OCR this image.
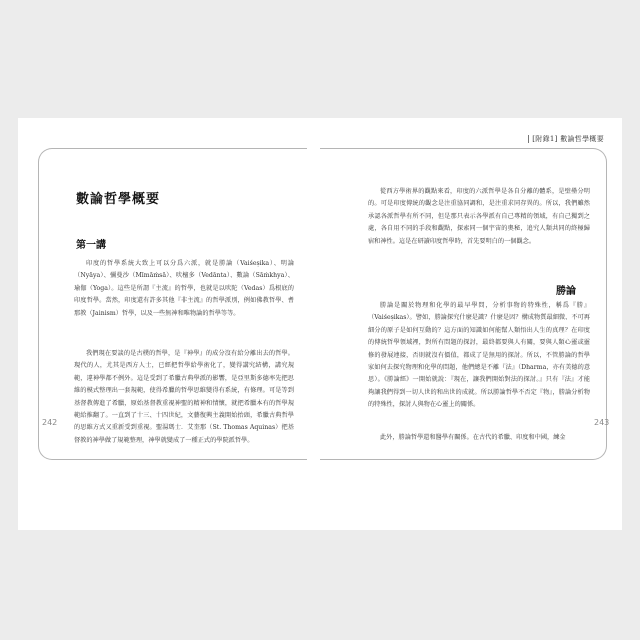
數論哲學概要
第一講

印度的哲學系統大致上可以分爲六派，就是勝論（Vaiśeṣika）、明論（Nyāya）、彌曼沙（Mīmāṁsā）、吠檀多（Vedānta）、數論（Sāṁkhya）、瑜伽（Yoga）。這些是所謂『主流』的哲學，也就是以吠陀（Vedas）爲根底的印度哲學。當然，印度還有許多其他『非主流』的哲學派別，例如佛教哲學、耆那教（Jainism）哲學，以及一些無神和唯物論的哲學等等。

我們現在要談的是古樸的哲學，是『神學』的成分沒有給分離出去的哲學。現代的人，尤其是西方人士，已經把哲學給學術化了，變得講究結構，講究規範，違神學都不例外。這是受到了希臘古典學派的影響，是亞里斯多德率先把思維的模式整理出一套規範，使得希臘的哲學思維變得有系統，有條理。可是等到基督教傳進了希臘，原始基督教重視神聖的精神和情懷，就把希臘本有的哲學規範給推翻了。一直到了十三、十四世紀，文藝復興主義開始抬頭，希臘古典哲學的思維方式又重新受到重視。聖湯瑪士．艾奎那（St. Thomas Aquinas）把基督教的神學做了規範整理，神學就變成了一種正式的學院派哲學。

242
[附錄1] 數論哲學概要

從西方學術界的觀點來看，印度的六派哲學是各自分離的體系，是壁壘分明的。可是印度傳統的觀念是注重協同調和，是注重求同存異的。所以，我們雖然承認各派哲學有所不同，但是那只表示各學派有自己專精的領域，有自己獨到之處，各自用不同的手段和觀點，探索同一個宇宙的奧秘，追究人類共同的終極歸宿和神性。這是在研讀印度哲學時，首先要明白的一個觀念。

勝論

勝論是關於物理和化學的最早學問，分析事物的特殊性，稱爲『勝』（Vaiśeṣikas）。譬如，勝論探究什麼是識？什麼是因？構成物質最細微、不可再細分的原子是如何互動的？這方面的知識如何能幫人類悟出人生的真理？在印度的傳統哲學領域裡，對所有問題的探討，最終都要與人有關，要與人類心靈或靈修的發展連接，否則就沒有價值，都成了是無用的探討。所以，不管勝論的哲學家如何去探究物理和化學的問題，他們總是不離『法』（Dharma，亦有美德的意思）。《勝論經》一開始就說：『現在，讓我們開始對法的探討。』只有『法』才能夠讓我們得到一切人世的和出世的成就。所以勝論哲學不否定『物』，勝論分析物的特殊性，探討人與物在心靈上的關係。

此外，勝論哲學還和醫學有關係。在古代的希臘、印度和中國，練金

243
